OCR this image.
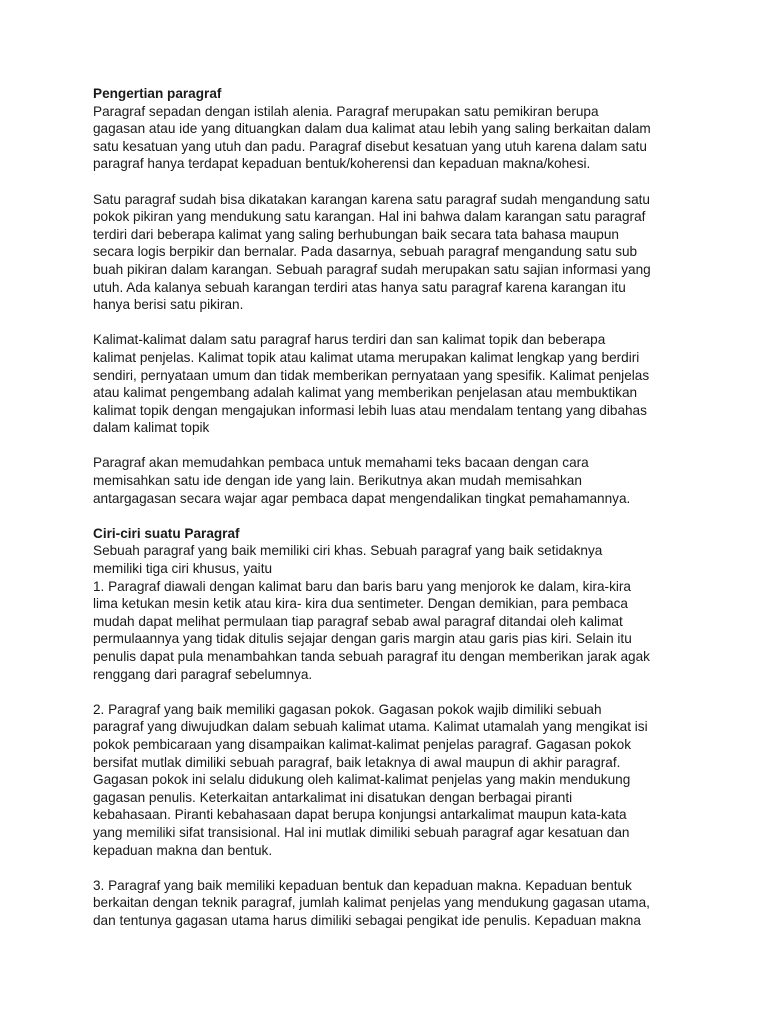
Pengertian paragraf
Paragraf sepadan dengan istilah alenia. Paragraf merupakan satu pemikiran berupa
gagasan atau ide yang dituangkan dalam dua kalimat atau lebih yang saling berkaitan dalam
satu kesatuan yang utuh dan padu. Paragraf disebut kesatuan yang utuh karena dalam satu
paragraf hanya terdapat kepaduan bentuk/koherensi dan kepaduan makna/kohesi.
Satu paragraf sudah bisa dikatakan karangan karena satu paragraf sudah mengandung satu
pokok pikiran yang mendukung satu karangan. Hal ini bahwa dalam karangan satu paragraf
terdiri dari beberapa kalimat yang saling berhubungan baik secara tata bahasa maupun
secara logis berpikir dan bernalar. Pada dasarnya, sebuah paragraf mengandung satu sub
buah pikiran dalam karangan. Sebuah paragraf sudah merupakan satu sajian informasi yang
utuh. Ada kalanya sebuah karangan terdiri atas hanya satu paragraf karena karangan itu
hanya berisi satu pikiran.
Kalimat-kalimat dalam satu paragraf harus terdiri dan san kalimat topik dan beberapa
kalimat penjelas. Kalimat topik atau kalimat utama merupakan kalimat lengkap yang berdiri
sendiri, pernyataan umum dan tidak memberikan pernyataan yang spesifik. Kalimat penjelas
atau kalimat pengembang adalah kalimat yang memberikan penjelasan atau membuktikan
kalimat topik dengan mengajukan informasi lebih luas atau mendalam tentang yang dibahas
dalam kalimat topik
Paragraf akan memudahkan pembaca untuk memahami teks bacaan dengan cara
memisahkan satu ide dengan ide yang lain. Berikutnya akan mudah memisahkan
antargagasan secara wajar agar pembaca dapat mengendalikan tingkat pemahamannya.
Ciri-ciri suatu Paragraf
Sebuah paragraf yang baik memiliki ciri khas. Sebuah paragraf yang baik setidaknya
memiliki tiga ciri khusus, yaitu
1. Paragraf diawali dengan kalimat baru dan baris baru yang menjorok ke dalam, kira-kira
lima ketukan mesin ketik atau kira- kira dua sentimeter. Dengan demikian, para pembaca
mudah dapat melihat permulaan tiap paragraf sebab awal paragraf ditandai oleh kalimat
permulaannya yang tidak ditulis sejajar dengan garis margin atau garis pias kiri. Selain itu
penulis dapat pula menambahkan tanda sebuah paragraf itu dengan memberikan jarak agak
renggang dari paragraf sebelumnya.
2. Paragraf yang baik memiliki gagasan pokok. Gagasan pokok wajib dimiliki sebuah
paragraf yang diwujudkan dalam sebuah kalimat utama. Kalimat utamalah yang mengikat isi
pokok pembicaraan yang disampaikan kalimat-kalimat penjelas paragraf. Gagasan pokok
bersifat mutlak dimiliki sebuah paragraf, baik letaknya di awal maupun di akhir paragraf.
Gagasan pokok ini selalu didukung oleh kalimat-kalimat penjelas yang makin mendukung
gagasan penulis. Keterkaitan antarkalimat ini disatukan dengan berbagai piranti
kebahasaan. Piranti kebahasaan dapat berupa konjungsi antarkalimat maupun kata-kata
yang memiliki sifat transisional. Hal ini mutlak dimiliki sebuah paragraf agar kesatuan dan
kepaduan makna dan bentuk.
3. Paragraf yang baik memiliki kepaduan bentuk dan kepaduan makna. Kepaduan bentuk
berkaitan dengan teknik paragraf, jumlah kalimat penjelas yang mendukung gagasan utama,
dan tentunya gagasan utama harus dimiliki sebagai pengikat ide penulis. Kepaduan makna
